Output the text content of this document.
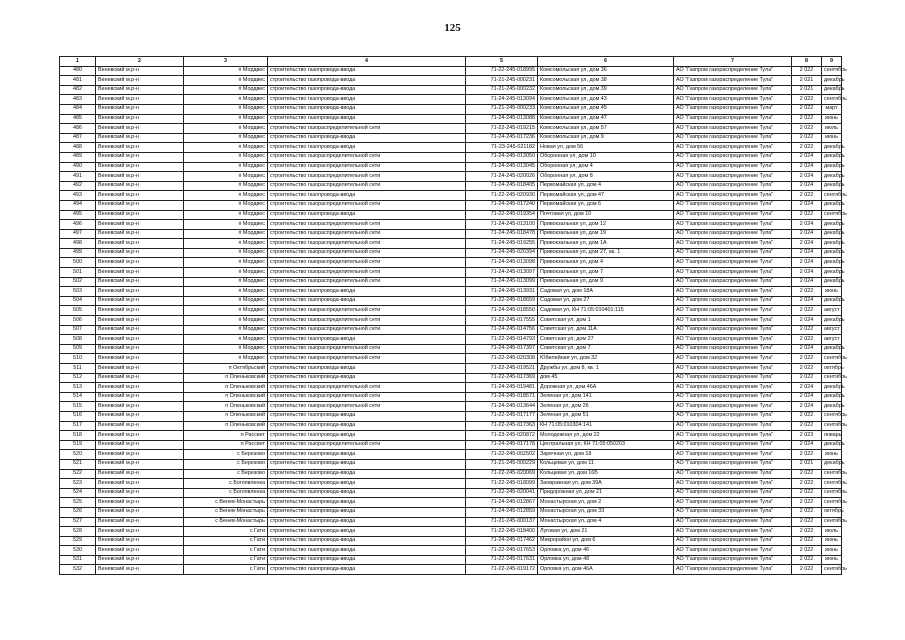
125
1	2	3	4	5	6	7	8	9
480	Веневский м.р-н	п Мордвес	строительство газопровода-ввода	71-22-245-018995	Комсомольская ул, дом 36	АО "Газпром газораспределение Тула"	2 022	сентябрь
481	Веневский м.р-н	п Мордвес	строительство газопровода-ввода	71-21-245-000231	Комсомольская ул, дом 38	АО "Газпром газораспределение Тула"	2 021	декабрь
482	Веневский м.р-н	п Мордвес	строительство газопровода-ввода	71-21-245-000232	Комсомольская ул, дом 39	АО "Газпром газораспределение Тула"	2 021	декабрь
483	Веневский м.р-н	п Мордвес	строительство газопровода-ввода	71-24-245-013094	Комсомольская ул, дом 43	АО "Газпром газораспределение Тула"	2 022	сентябрь
484	Веневский м.р-н	п Мордвес	строительство газопровода-ввода	71-21-245-000233	Комсомольская ул, дом 45	АО "Газпром газораспределение Тула"	2 022	март
485	Веневский м.р-н	п Мордвес	строительство газопровода-ввода	71-24-245-013088	Комсомольская ул, дом 47	АО "Газпром газораспределение Тула"	2 022	июнь
486	Веневский м.р-н	п Мордвес	строительство газораспределительной сети	71-22-245-019215	Комсомольская ул, дом 57	АО "Газпром газораспределение Тула"	2 022	июль
487	Веневский м.р-н	п Мордвес	строительство газопровода-ввода	71-24-245-017236	Комсомольская ул, дом 9	АО "Газпром газораспределение Тула"	2 022	июнь
488	Веневский м.р-н	п Мордвес	строительство газопровода-ввода	71-23-245-021182	Новая ул, дом 56	АО "Газпром газораспределение Тула"	2 022	декабрь
489	Веневский м.р-н	п Мордвес	строительство газораспределительной сети	71-24-245-013050	Оборонная ул, дом 10	АО "Газпром газораспределение Тула"	2 024	декабрь
490	Веневский м.р-н	п Мордвес	строительство газораспределительной сети	71-24-245-013045	Оборонная ул, дом 4	АО "Газпром газораспределение Тула"	2 024	декабрь
491	Веневский м.р-н	п Мордвес	строительство газораспределительной сети	71-24-245-020026	Оборонная ул, дом 8	АО "Газпром газораспределение Тула"	2 024	декабрь
492	Веневский м.р-н	п Мордвес	строительство газораспределительной сети	71-24-245-018405	Первомайская ул, дом 4	АО "Газпром газораспределение Тула"	2 024	декабрь
493	Веневский м.р-н	п Мордвес	строительство газопровода-ввода	71-22-245-020930	Первомайская ул, дом 47	АО "Газпром газораспределение Тула"	2 022	сентябрь
494	Веневский м.р-н	п Мордвес	строительство газораспределительной сети	71-24-245-017240	Первомайская ул, дом 6	АО "Газпром газораспределение Тула"	2 024	декабрь
495	Веневский м.р-н	п Мордвес	строительство газопровода-ввода	71-22-245-019354	Почтовая ул, дом 10	АО "Газпром газораспределение Тула"	2 022	сентябрь
496	Веневский м.р-н	п Мордвес	строительство газораспределительной сети	71-24-245-013100	Привокзальная ул, дом 12	АО "Газпром газораспределение Тула"	2 024	декабрь
497	Веневский м.р-н	п Мордвес	строительство газораспределительной сети	71-24-245-018478	Привокзальная ул, дом 19	АО "Газпром газораспределение Тула"	2 024	декабрь
498	Веневский м.р-н	п Мордвес	строительство газораспределительной сети	71-24-245-019255	Привокзальная ул, дом 1А	АО "Газпром газораспределение Тула"	2 024	декабрь
499	Веневский м.р-н	п Мордвес	строительство газораспределительной сети	71-24-245-020394	Привокзальная ул, дом 27, кв. 1	АО "Газпром газораспределение Тула"	2 024	декабрь
500	Веневский м.р-н	п Мордвес	строительство газораспределительной сети	71-24-245-013098	Привокзальная ул, дом 4	АО "Газпром газораспределение Тула"	2 024	декабрь
501	Веневский м.р-н	п Мордвес	строительство газораспределительной сети	71-24-245-013097	Привокзальная ул, дом 7	АО "Газпром газораспределение Тула"	2 024	декабрь
502	Веневский м.р-н	п Мордвес	строительство газораспределительной сети	71-24-245-013099	Привокзальная ул, дом 9	АО "Газпром газораспределение Тула"	2 024	декабрь
503	Веневский м.р-н	п Мордвес	строительство газопровода-ввода	71-24-245-013931	Садовая ул, дом 18А	АО "Газпром газораспределение Тула"	2 022	июнь
504	Веневский м.р-н	п Мордвес	строительство газопровода-ввода	71-22-245-018659	Садовая ул, дом 27	АО "Газпром газораспределение Тула"	2 024	декабрь
505	Веневский м.р-н	п Мордвес	строительство газораспределительной сети	71-24-245-018550	Садовая ул, КН 71:05:010401:115	АО "Газпром газораспределение Тула"	2 022	август
506	Веневский м.р-н	п Мордвес	строительство газораспределительной сети	71-22-245-017555	Советская ул, дом 1	АО "Газпром газораспределение Тула"	2 024	декабрь
507	Веневский м.р-н	п Мордвес	строительство газораспределительной сети	71-24-245-014756	Советская ул, дом 11А	АО "Газпром газораспределение Тула"	2 022	август
508	Веневский м.р-н	п Мордвес	строительство газопровода-ввода	71-22-245-014793	Советская ул, дом 27	АО "Газпром газораспределение Тула"	2 022	август
509	Веневский м.р-н	п Мордвес	строительство газораспределительной сети	71-24-245-017397	Советская ул, дом 7	АО "Газпром газораспределение Тула"	2 024	декабрь
510	Веневский м.р-н	п Мордвес	строительство газораспределительной сети	71-22-245-020308	Юбилейная ул, дом 32	АО "Газпром газораспределение Тула"	2 022	сентябрь
511	Веневский м.р-н	п Октябрьский	строительство газопровода-ввода	71-22-245-019521	Дружбы ул, дом 8, кв. 1	АО "Газпром газораспределение Тула"	2 022	октябрь
512	Веневский м.р-н	п Оленьковский	строительство газопровода-ввода	71-22-245-017369	дом 45	АО "Газпром газораспределение Тула"	2 022	сентябрь
513	Веневский м.р-н	п Оленьковский	строительство газораспределительной сети	71-24-245-019481	Дорожная ул, дом 46А	АО "Газпром газораспределение Тула"	2 024	декабрь
514	Веневский м.р-н	п Оленьковский	строительство газораспределительной сети	71-24-245-018571	Зеленая ул, дом 141	АО "Газпром газораспределение Тула"	2 024	декабрь
515	Веневский м.р-н	п Оленьковский	строительство газораспределительной сети	71-24-245-013644	Зеленая ул, дом 26	АО "Газпром газораспределение Тула"	2 024	декабрь
516	Веневский м.р-н	п Оленьковский	строительство газопровода-ввода	71-22-245-017177	Зеленая ул, дом 51	АО "Газпром газораспределение Тула"	2 022	сентябрь
517	Веневский м.р-н	п Оленьковский	строительство газопровода-ввода	71-22-245-017363	КН 71:05:010304:141	АО "Газпром газораспределение Тула"	2 022	сентябрь
518	Веневский м.р-н	п Рассвет	строительство газопровода-ввода	71-23-245-020872	Молодежная ул, дом 22	АО "Газпром газораспределение Тула"	2 023	январь
519	Веневский м.р-н	п Рассвет	строительство газораспределительной сети	71-24-245-017178	Центральная ул, КН 71:05:050203	АО "Газпром газораспределение Тула"	2 024	декабрь
520	Веневский м.р-н	с Березово	строительство газопровода-ввода	71-22-245-002502	Заречная ул, дом 18	АО "Газпром газораспределение Тула"	2 022	июнь
521	Веневский м.р-н	с Березово	строительство газопровода-ввода	71-21-245-000229	Кольцевая ул, дом 11	АО "Газпром газораспределение Тула"	2 021	декабрь
522	Веневский м.р-н	с Березово	строительство газопровода-ввода	71-22-245-020069	Кольцевая ул, дом 16Б	АО "Газпром газораспределение Тула"	2 022	сентябрь
523	Веневский м.р-н	с Богоявленка	строительство газопровода-ввода	71-22-245-018099	Заовражная ул, дом 39А	АО "Газпром газораспределение Тула"	2 022	сентябрь
524	Веневский м.р-н	с Богоявленка	строительство газопровода-ввода	71-22-245-020041	Придорожная ул, дом 21	АО "Газпром газораспределение Тула"	2 022	сентябрь
525	Веневский м.р-н	с Венев-Монастырь	строительство газопровода-ввода	71-24-245-012867	Монастырская ул, дом 2	АО "Газпром газораспределение Тула"	2 022	сентябрь
526	Веневский м.р-н	с Венев-Монастырь	строительство газопровода-ввода	71-24-245-012859	Монастырская ул, дом 33	АО "Газпром газораспределение Тула"	2 022	октябрь
527	Веневский м.р-н	с Венев-Монастырь	строительство газопровода-ввода	71-21-245-000137	Монастырская ул, дом 4	АО "Газпром газораспределение Тула"	2 022	сентябрь
528	Веневский м.р-н	с Гати	строительство газопровода-ввода	71-22-245-018400	Луговая ул, дом 21	АО "Газпром газораспределение Тула"	2 022	июль
529	Веневский м.р-н	с Гати	строительство газопровода-ввода	71-24-245-017462	Микрорайон ул, дом 6	АО "Газпром газораспределение Тула"	2 022	июнь
530	Веневский м.р-н	с Гати	строительство газопровода-ввода	71-22-245-017653	Орловка ул, дом 46	АО "Газпром газораспределение Тула"	2 022	июнь
531	Веневский м.р-н	с Гати	строительство газопровода-ввода	71-22-245-017631	Орловка ул, дом 48	АО "Газпром газораспределение Тула"	2 022	июнь
532	Веневский м.р-н	с Гати	строительство газопровода-ввода	71-22-245-019172	Орловка ул, дом 46А	АО "Газпром газораспределение Тула"	2 022	сентябрь
